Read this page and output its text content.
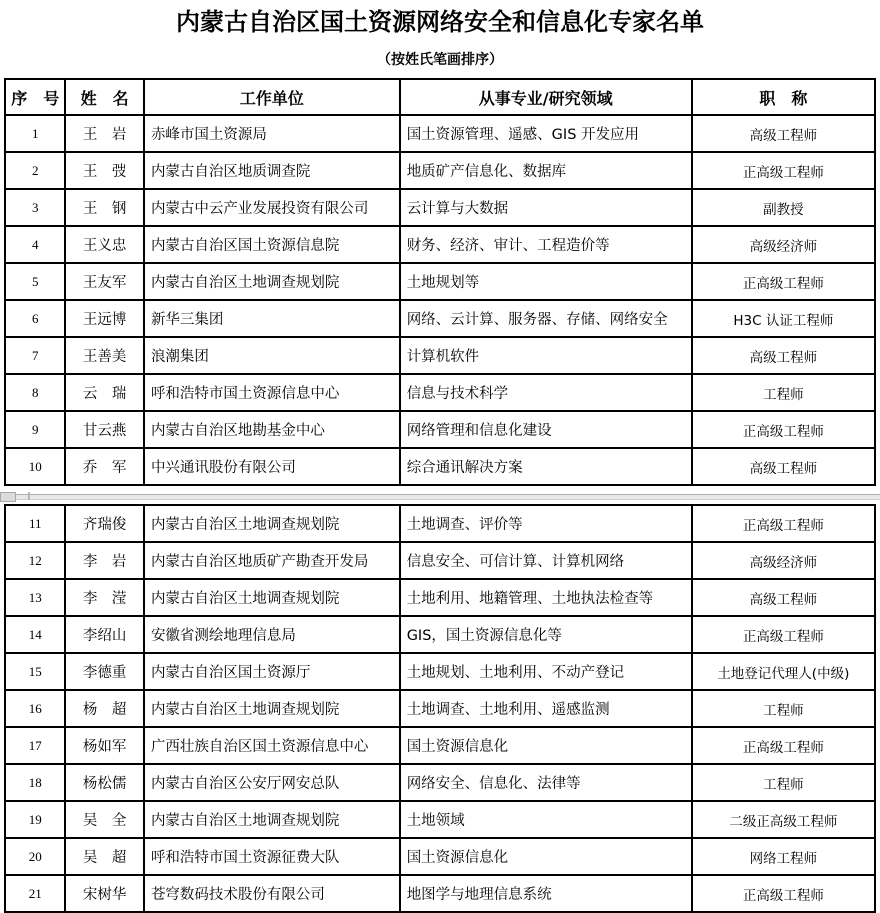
内蒙古自治区国土资源网络安全和信息化专家名单
（按姓氏笔画排序）
序　号	姓　名	工作单位	从事专业/研究领域	职　称
1	王　岩	赤峰市国土资源局	国土资源管理、遥感、GIS 开发应用	高级工程师
2	王　弢	内蒙古自治区地质调查院	地质矿产信息化、数据库	正高级工程师
3	王　钢	内蒙古中云产业发展投资有限公司	云计算与大数据	副教授
4	王义忠	内蒙古自治区国土资源信息院	财务、经济、审计、工程造价等	高级经济师
5	王友军	内蒙古自治区土地调查规划院	土地规划等	正高级工程师
6	王远博	新华三集团	网络、云计算、服务器、存储、网络安全	H3C 认证工程师
7	王善美	浪潮集团	计算机软件	高级工程师
8	云　瑞	呼和浩特市国土资源信息中心	信息与技术科学	工程师
9	甘云燕	内蒙古自治区地勘基金中心	网络管理和信息化建设	正高级工程师
10	乔　军	中兴通讯股份有限公司	综合通讯解决方案	高级工程师
11	齐瑞俊	内蒙古自治区土地调查规划院	土地调查、评价等	正高级工程师
12	李　岩	内蒙古自治区地质矿产勘查开发局	信息安全、可信计算、计算机网络	高级经济师
13	李　滢	内蒙古自治区土地调查规划院	土地利用、地籍管理、土地执法检查等	高级工程师
14	李绍山	安徽省测绘地理信息局	GIS，国土资源信息化等	正高级工程师
15	李德重	内蒙古自治区国土资源厅	土地规划、土地利用、不动产登记	土地登记代理人(中级)
16	杨　超	内蒙古自治区土地调查规划院	土地调查、土地利用、遥感监测	工程师
17	杨如军	广西壮族自治区国土资源信息中心	国土资源信息化	正高级工程师
18	杨松儒	内蒙古自治区公安厅网安总队	网络安全、信息化、法律等	工程师
19	吴　全	内蒙古自治区土地调查规划院	土地领域	二级正高级工程师
20	吴　超	呼和浩特市国土资源征费大队	国土资源信息化	网络工程师
21	宋树华	苍穹数码技术股份有限公司	地图学与地理信息系统	正高级工程师
